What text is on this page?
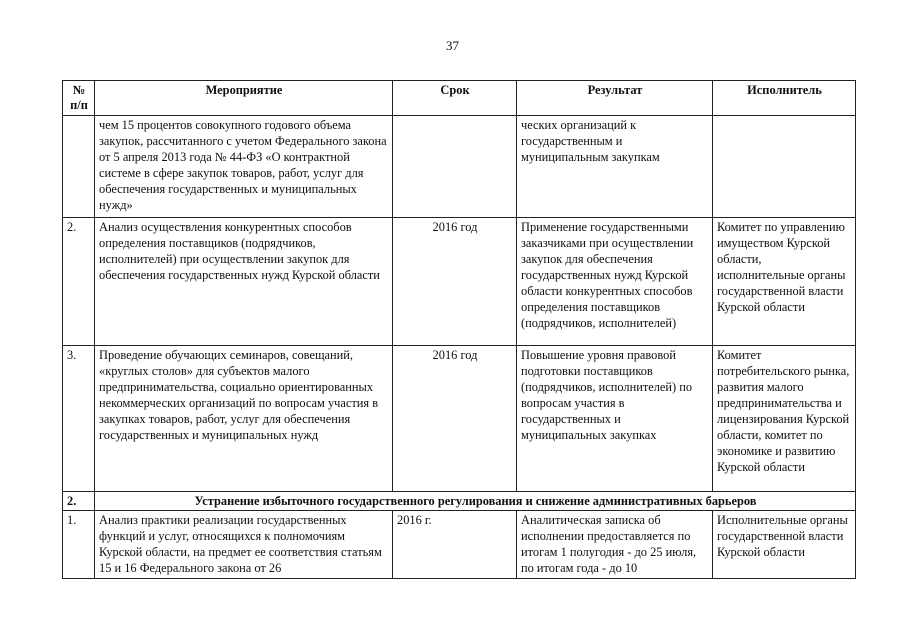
37
№ п/п	Мероприятие	Срок	Результат	Исполнитель
	чем 15 процентов совокупного годового объема закупок, рассчитанного с учетом Федерального закона от 5 апреля 2013 года № 44-ФЗ «О контрактной системе в сфере закупок товаров, работ, услуг для обеспечения государственных и муниципальных нужд»		ческих организаций к государственным и муниципальным закупкам	
2.	Анализ осуществления конкурентных способов определения поставщиков (подрядчиков, исполнителей) при осуществлении закупок для обеспечения государственных нужд Курской области	2016 год	Применение государственными заказчиками при осуществлении закупок для обеспечения государственных нужд Курской области конкурентных способов определения поставщиков (подрядчиков, исполнителей)	Комитет по управлению имуществом Курской области, исполнительные органы государственной власти Курской области
3.	Проведение обучающих семинаров, совещаний, «круглых столов» для субъектов малого предпринимательства, социально ориентированных некоммерческих организаций по вопросам участия в закупках товаров, работ, услуг для обеспечения государственных и муниципальных нужд	2016 год	Повышение уровня правовой подготовки поставщиков (подрядчиков, исполнителей) по вопросам участия в государственных и муниципальных закупках	Комитет потребительского рынка, развития малого предпринимательства и лицензирования Курской области, комитет по экономике и развитию Курской области
2.	Устранение избыточного государственного регулирования и снижение административных барьеров			
1.	Анализ практики реализации государственных функций и услуг, относящихся к полномочиям Курской области, на предмет ее соответствия статьям 15 и 16 Федерального закона от 26	2016 г.	Аналитическая записка об исполнении предоставляется по итогам 1 полугодия - до 25 июля, по итогам года - до 10	Исполнительные органы государственной власти Курской области
